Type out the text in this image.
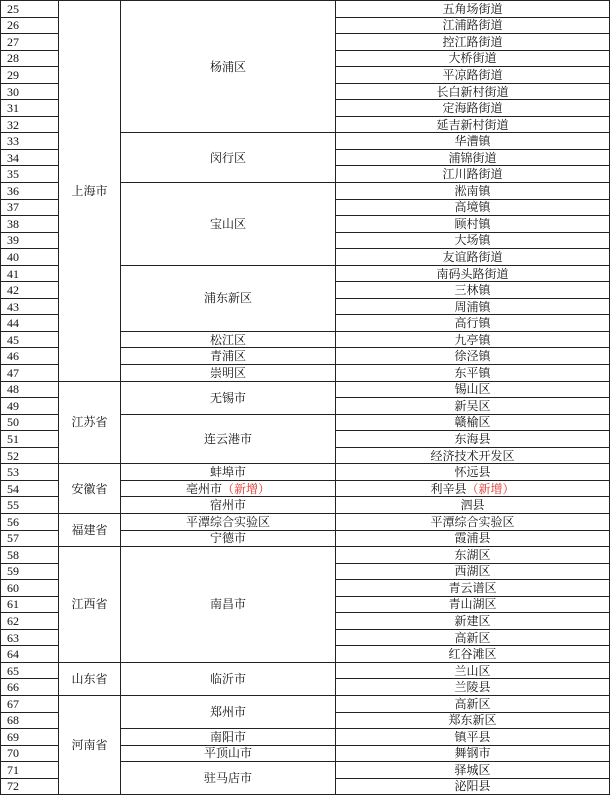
25	上海市	杨浦区	五角场街道
26			江浦路街道
27			控江路街道
28			大桥街道
29			平凉路街道
30			长白新村街道
31			定海路街道
32			延吉新村街道
33		闵行区	华漕镇
34			浦锦街道
35			江川路街道
36		宝山区	淞南镇
37			高境镇
38			顾村镇
39			大场镇
40			友谊路街道
41		浦东新区	南码头路街道
42			三林镇
43			周浦镇
44			高行镇
45		松江区	九亭镇
46		青浦区	徐泾镇
47		崇明区	东平镇
48	江苏省	无锡市	锡山区
49			新吴区
50		连云港市	赣榆区
51			东海县
52			经济技术开发区
53	安徽省	蚌埠市	怀远县
54		亳州市（新增）	利辛县（新增）
55		宿州市	泗县
56	福建省	平潭综合实验区	平潭综合实验区
57		宁德市	霞浦县
58	江西省	南昌市	东湖区
59			西湖区
60			青云谱区
61			青山湖区
62			新建区
63			高新区
64			红谷滩区
65	山东省	临沂市	兰山区
66			兰陵县
67	河南省	郑州市	高新区
68			郑东新区
69		南阳市	镇平县
70		平顶山市	舞钢市
71		驻马店市	驿城区
72			泌阳县
